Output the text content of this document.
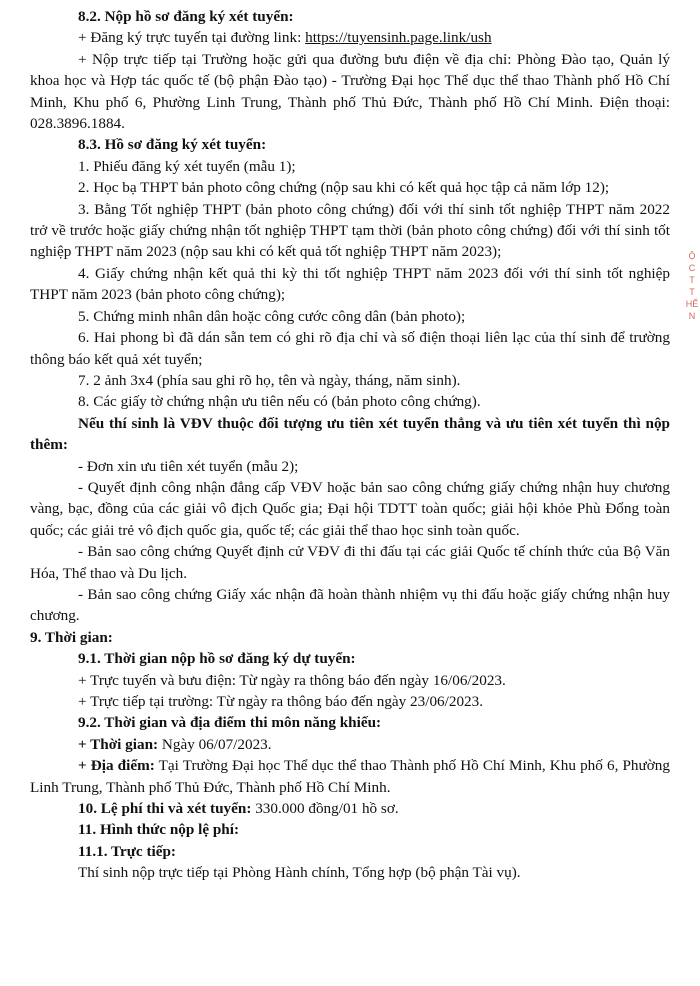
8.2. Nộp hồ sơ đăng ký xét tuyển:

+ Đăng ký trực tuyến tại đường link: https://tuyensinh.page.link/ush

+ Nộp trực tiếp tại Trường hoặc gửi qua đường bưu điện về địa chỉ: Phòng Đào tạo, Quản lý khoa học và Hợp tác quốc tế (bộ phận Đào tạo) - Trường Đại học Thể dục thể thao Thành phố Hồ Chí Minh, Khu phố 6, Phường Linh Trung, Thành phố Thủ Đức, Thành phố Hồ Chí Minh. Điện thoại: 028.3896.1884.

8.3. Hồ sơ đăng ký xét tuyển:

1. Phiếu đăng ký xét tuyển (mẫu 1);

2. Học bạ THPT bản photo công chứng (nộp sau khi có kết quả học tập cả năm lớp 12);

3. Bằng Tốt nghiệp THPT (bản photo công chứng) đối với thí sinh tốt nghiệp THPT năm 2022 trở về trước hoặc giấy chứng nhận tốt nghiệp THPT tạm thời (bản photo công chứng) đối với thí sinh tốt nghiệp THPT năm 2023 (nộp sau khi có kết quả tốt nghiệp THPT năm 2023);

4. Giấy chứng nhận kết quả thi kỳ thi tốt nghiệp THPT năm 2023 đối với thí sinh tốt nghiệp THPT năm 2023 (bản photo công chứng);

5. Chứng minh nhân dân hoặc công cước công dân (bản photo);

6. Hai phong bì đã dán sẵn tem có ghi rõ địa chỉ và số điện thoại liên lạc của thí sinh để trường thông báo kết quả xét tuyển;

7. 2 ảnh 3x4 (phía sau ghi rõ họ, tên và ngày, tháng, năm sinh).

8. Các giấy tờ chứng nhận ưu tiên nếu có (bản photo công chứng).

Nếu thí sinh là VĐV thuộc đối tượng ưu tiên xét tuyển thẳng và ưu tiên xét tuyển thì nộp thêm:

- Đơn xin ưu tiên xét tuyển (mẫu 2);

- Quyết định công nhận đẳng cấp VĐV hoặc bản sao công chứng giấy chứng nhận huy chương vàng, bạc, đồng của các giải vô địch Quốc gia; Đại hội TDTT toàn quốc; giải hội khỏe Phù Đổng toàn quốc; các giải trẻ vô địch quốc gia, quốc tế; các giải thể thao học sinh toàn quốc.

- Bản sao công chứng Quyết định cử VĐV đi thi đấu tại các giải Quốc tế chính thức của Bộ Văn Hóa, Thể thao và Du lịch.

- Bản sao công chứng Giấy xác nhận đã hoàn thành nhiệm vụ thi đấu hoặc giấy chứng nhận huy chương.

9. Thời gian:

9.1. Thời gian nộp hồ sơ đăng ký dự tuyển:

+ Trực tuyến và bưu điện: Từ ngày ra thông báo đến ngày 16/06/2023.

+ Trực tiếp tại trường: Từ ngày ra thông báo đến ngày 23/06/2023.

9.2. Thời gian và địa điểm thi môn năng khiếu:

+ Thời gian: Ngày 06/07/2023.

+ Địa điểm: Tại Trường Đại học Thể dục thể thao Thành phố Hồ Chí Minh, Khu phố 6, Phường Linh Trung, Thành phố Thủ Đức, Thành phố Hồ Chí Minh.

10. Lệ phí thi và xét tuyển: 330.000 đồng/01 hồ sơ.

11. Hình thức nộp lệ phí:

11.1. Trực tiếp:

Thí sinh nộp trực tiếp tại Phòng Hành chính, Tổng hợp (bộ phận Tài vụ).

Ộ
C
T
T
HỂ
N
